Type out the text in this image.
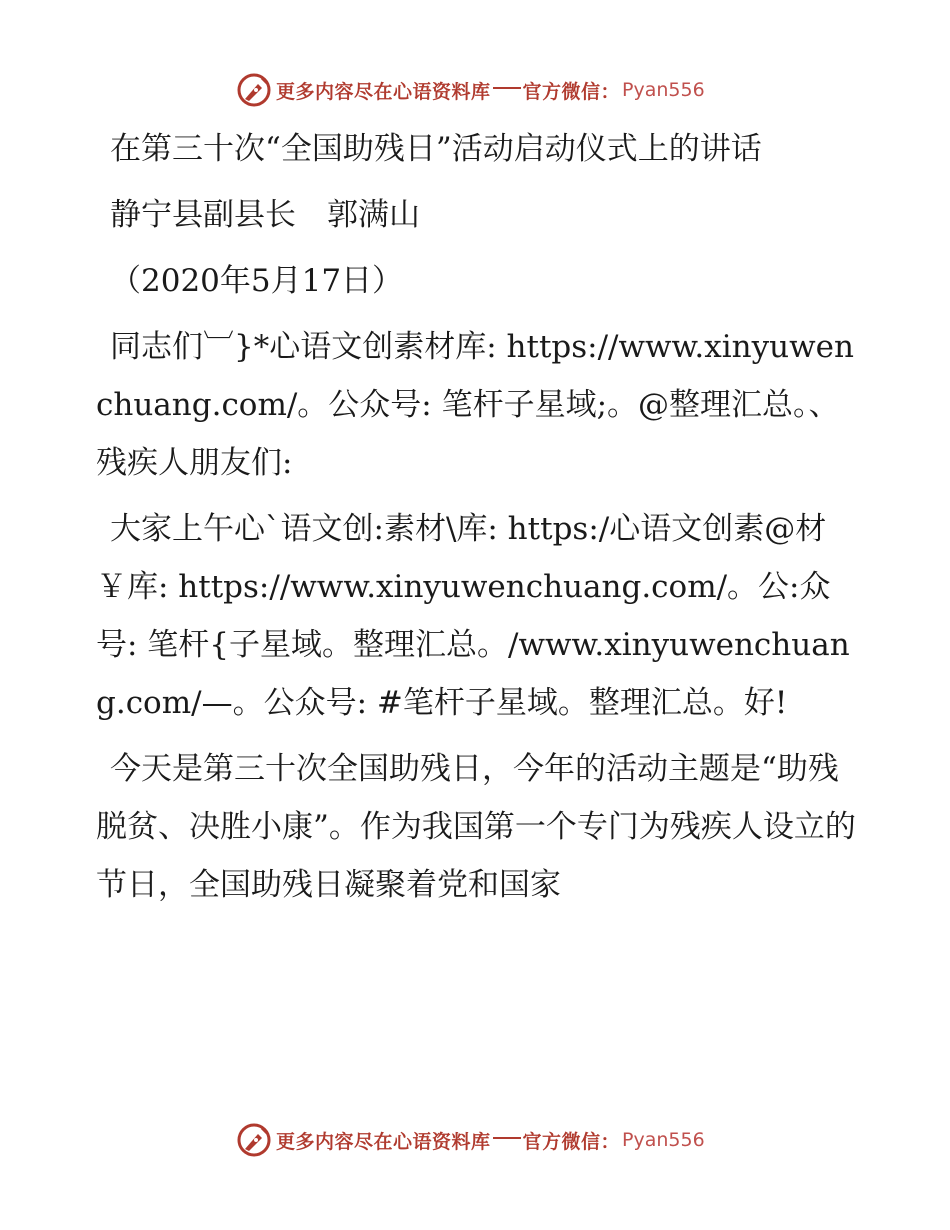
更多内容尽在心语资料库 官方微信： Pyan556

在第三十次“全国助残日”活动启动仪式上的讲话

静宁县副县长　郭满山

（2020年5月17日）

同志们︺}*心语文创素材库: https://www.xinyuwenchuang.com/。公众号: 笔杆子星域;。@整理汇总。、残疾人朋友们:

大家上午心`语文创:素材\库: https:/心语文创素@材￥库: https://www.xinyuwenchuang.com/。公:众号: 笔杆{子星域。整理汇总。/www.xinyuwenchuang.com/—。公众号: #笔杆子星域。整理汇总。好!

今天是第三十次全国助残日，今年的活动主题是“助残脱贫、决胜小康”。作为我国第一个专门为残疾人设立的节日，全国助残日凝聚着党和国家

更多内容尽在心语资料库 官方微信： Pyan556
